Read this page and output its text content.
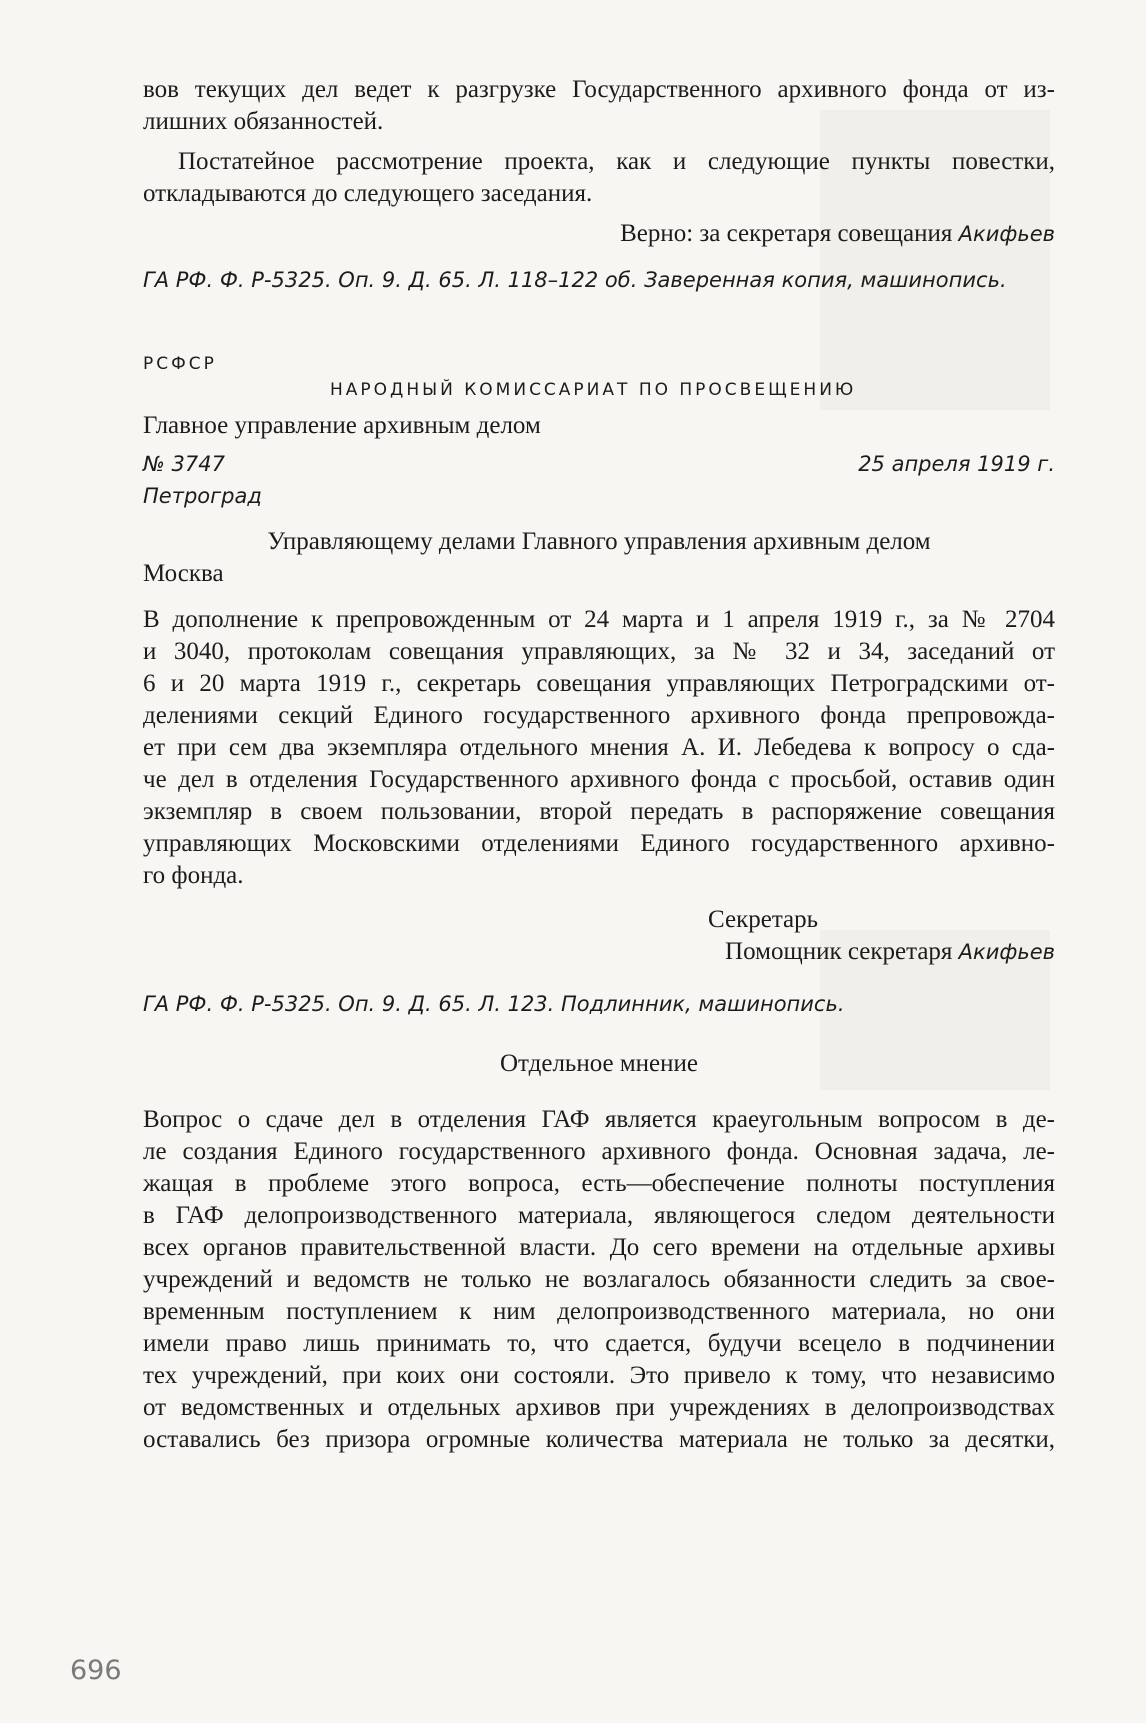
вов текущих дел ведет к разгрузке Государственного архивного фонда от из-

лишних обязанностей.

Постатейное рассмотрение проекта, как и следующие пункты повестки,

откладываются до следующего заседания.

Верно: за секретаря совещания Акифьев

ГА РФ. Ф. Р-5325. Оп. 9. Д. 65. Л. 118–122 об. Заверенная копия, машинопись.

РСФСР

НАРОДНЫЙ КОМИССАРИАТ ПО ПРОСВЕЩЕНИЮ

Главное управление архивным делом

№ 3747	25 апреля 1919 г.

Петроград

Управляющему делами Главного управления архивным делом

Москва

В дополнение к препровожденным от 24 марта и 1 апреля 1919 г., за № 2704

и 3040, протоколам совещания управляющих, за № 32 и 34, заседаний от

6 и 20 марта 1919 г., секретарь совещания управляющих Петроградскими от-

делениями секций Единого государственного архивного фонда препровожда-

ет при сем два экземпляра отдельного мнения А. И. Лебедева к вопросу о сда-

че дел в отделения Государственного архивного фонда с просьбой, оставив один

экземпляр в своем пользовании, второй передать в распоряжение совещания

управляющих Московскими отделениями Единого государственного архивно-

го фонда.

Секретарь

Помощник секретаря Акифьев

ГА РФ. Ф. Р-5325. Оп. 9. Д. 65. Л. 123. Подлинник, машинопись.

Отдельное мнение

Вопрос о сдаче дел в отделения ГАФ является краеугольным вопросом в де-

ле создания Единого государственного архивного фонда. Основная задача, ле-

жащая в проблеме этого вопроса, есть—обеспечение полноты поступления

в ГАФ делопроизводственного материала, являющегося следом деятельности

всех органов правительственной власти. До сего времени на отдельные архивы

учреждений и ведомств не только не возлагалось обязанности следить за свое-

временным поступлением к ним делопроизводственного материала, но они

имели право лишь принимать то, что сдается, будучи всецело в подчинении

тех учреждений, при коих они состояли. Это привело к тому, что независимо

от ведомственных и отдельных архивов при учреждениях в делопроизводствах

оставались без призора огромные количества материала не только за десятки,

696
